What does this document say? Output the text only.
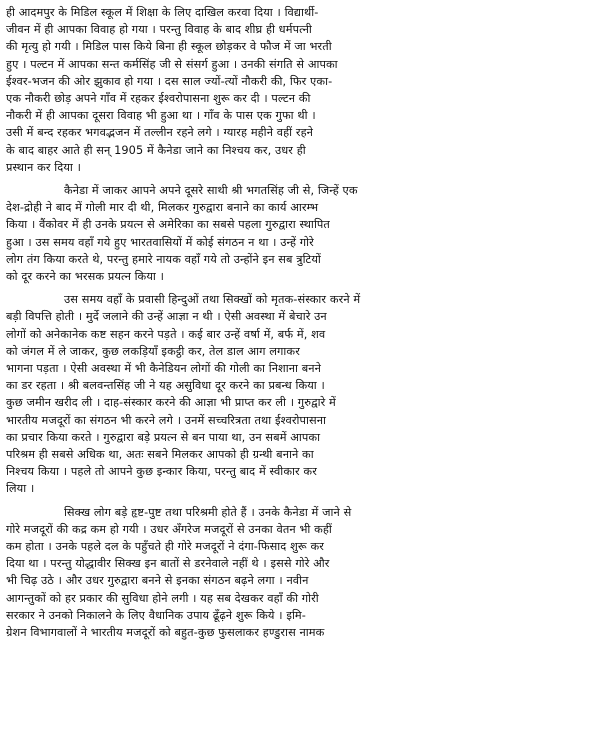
ही आदमपुर के मिडिल स्कूल में शिक्षा के लिए दाखिल करवा दिया । विद्यार्थी-
जीवन में ही आपका विवाह हो गया । परन्तु विवाह के बाद शीघ्र ही धर्मपत्नी
की मृत्यु हो गयी । मिडिल पास किये बिना ही स्कूल छोड़कर वे फौज में जा भरती
हुए । पल्टन में आपका सन्त कर्मसिंह जी से संसर्ग हुआ । उनकी संगति से आपका
ईश्वर-भजन की ओर झुकाव हो गया । दस साल ज्यों-त्यों नौकरी की, फिर एका-
एक नौकरी छोड़ अपने गाँव में रहकर ईश्वरोपासना शुरू कर दी । पल्टन की
नौकरी में ही आपका दूसरा विवाह भी हुआ था । गाँव के पास एक गुफा थी ।
उसी में बन्द रहकर भगवद्भजन में तल्लीन रहने लगे । ग्यारह महीने वहीं रहने
के बाद बाहर आते ही सन् 1905 में कैनेडा जाने का निश्चय कर, उधर ही
प्रस्थान कर दिया ।
कैनेडा में जाकर आपने अपने दूसरे साथी श्री भगतसिंह जी से, जिन्हें एक
देश-द्रोही ने बाद में गोली मार दी थी, मिलकर गुरुद्वारा बनाने का कार्य आरम्भ
किया । वैंकोवर में ही उनके प्रयत्न से अमेरिका का सबसे पहला गुरुद्वारा स्थापित
हुआ । उस समय वहाँ गये हुए भारतवासियों में कोई संगठन न था । उन्हें गोरे
लोग तंग किया करते थे, परन्तु हमारे नायक वहाँ गये तो उन्होंने इन सब त्रुटियों
को दूर करने का भरसक प्रयत्न किया ।
उस समय वहाँ के प्रवासी हिन्दुओं तथा सिक्खों को मृतक-संस्कार करने में
बड़ी विपत्ति होती । मुर्दे जलाने की उन्हें आज्ञा न थी । ऐसी अवस्था में बेचारे उन
लोगों को अनेकानेक कष्ट सहन करने पड़ते । कई बार उन्हें वर्षा में, बर्फ में, शव
को जंगल में ले जाकर, कुछ लकड़ियाँ इकट्ठी कर, तेल डाल आग लगाकर
भागना पड़ता । ऐसी अवस्था में भी कैनेडियन लोगों की गोली का निशाना बनने
का डर रहता । श्री बलवन्तसिंह जी ने यह असुविधा दूर करने का प्रबन्ध किया ।
कुछ जमीन खरीद ली । दाह-संस्कार करने की आज्ञा भी प्राप्त कर ली । गुरुद्वारे में
भारतीय मजदूरों का संगठन भी करने लगे । उनमें सच्चरित्रता तथा ईश्वरोपासना
का प्रचार किया करते । गुरुद्वारा बड़े प्रयत्न से बन पाया था, उन सबमें आपका
परिश्रम ही सबसे अधिक था, अतः सबने मिलकर आपको ही ग्रन्थी बनाने का
निश्चय किया । पहले तो आपने कुछ इन्कार किया, परन्तु बाद में स्वीकार कर
लिया ।
सिक्ख लोग बड़े हृष्ट-पुष्ट तथा परिश्रमी होते हैं । उनके कैनेडा में जाने से
गोरे मजदूरों की कद्र कम हो गयी । उधर अँगरेज मजदूरों से उनका वेतन भी कहीं
कम होता । उनके पहले दल के पहुँचते ही गोरे मजदूरों ने दंगा-फिसाद शुरू कर
दिया था । परन्तु योद्धावीर सिक्ख इन बातों से डरनेवाले नहीं थे । इससे गोरे और
भी चिढ़ उठे । और उधर गुरुद्वारा बनने से इनका संगठन बढ़ने लगा । नवीन
आगन्तुकों को हर प्रकार की सुविधा होने लगी । यह सब देखकर वहाँ की गोरी
सरकार ने उनको निकालने के लिए वैधानिक उपाय ढूँढ़ने शुरू किये । इमि-
ग्रेशन विभागवालों ने भारतीय मजदूरों को बहुत-कुछ फुसलाकर हण्डुरास नामक
